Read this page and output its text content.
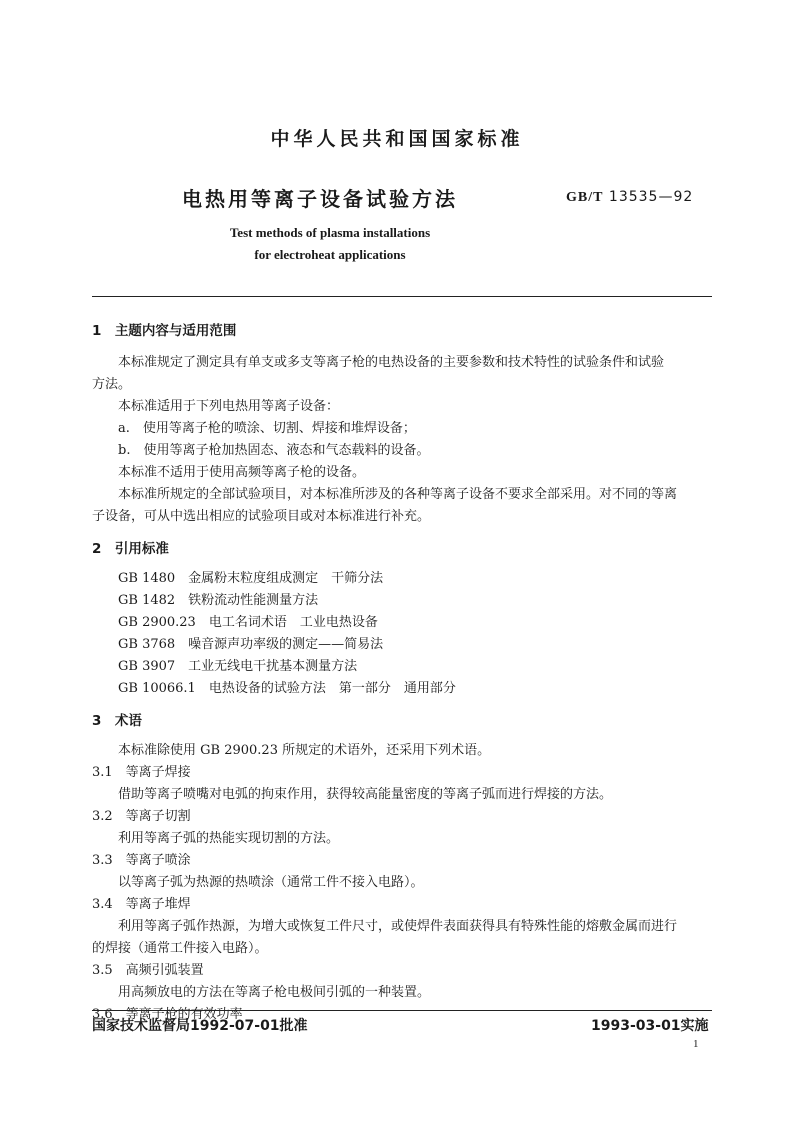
中华人民共和国国家标准
电热用等离子设备试验方法	GB/T 13535—92
Test methods of plasma installations
for electroheat applications
1　主题内容与适用范围
本标准规定了测定具有单支或多支等离子枪的电热设备的主要参数和技术特性的试验条件和试验
方法。
本标准适用于下列电热用等离子设备：
a.　使用等离子枪的喷涂、切割、焊接和堆焊设备；
b.　使用等离子枪加热固态、液态和气态载料的设备。
本标准不适用于使用高频等离子枪的设备。
本标准所规定的全部试验项目，对本标准所涉及的各种等离子设备不要求全部采用。对不同的等离
子设备，可从中选出相应的试验项目或对本标准进行补充。
2　引用标准
GB 1480　金属粉末粒度组成测定　干筛分法
GB 1482　铁粉流动性能测量方法
GB 2900.23　电工名词术语　工业电热设备
GB 3768　噪音源声功率级的测定——简易法
GB 3907　工业无线电干扰基本测量方法
GB 10066.1　电热设备的试验方法　第一部分　通用部分
3　术语
本标准除使用 GB 2900.23 所规定的术语外，还采用下列术语。
3.1　等离子焊接
借助等离子喷嘴对电弧的拘束作用，获得较高能量密度的等离子弧而进行焊接的方法。
3.2　等离子切割
利用等离子弧的热能实现切割的方法。
3.3　等离子喷涂
以等离子弧为热源的热喷涂（通常工件不接入电路）。
3.4　等离子堆焊
利用等离子弧作热源，为增大或恢复工件尺寸，或使焊件表面获得具有特殊性能的熔敷金属而进行
的焊接（通常工件接入电路）。
3.5　高频引弧装置
用高频放电的方法在等离子枪电极间引弧的一种装置。
3.6　等离子枪的有效功率
国家技术监督局1992-07-01批准	1993-03-01实施
1
